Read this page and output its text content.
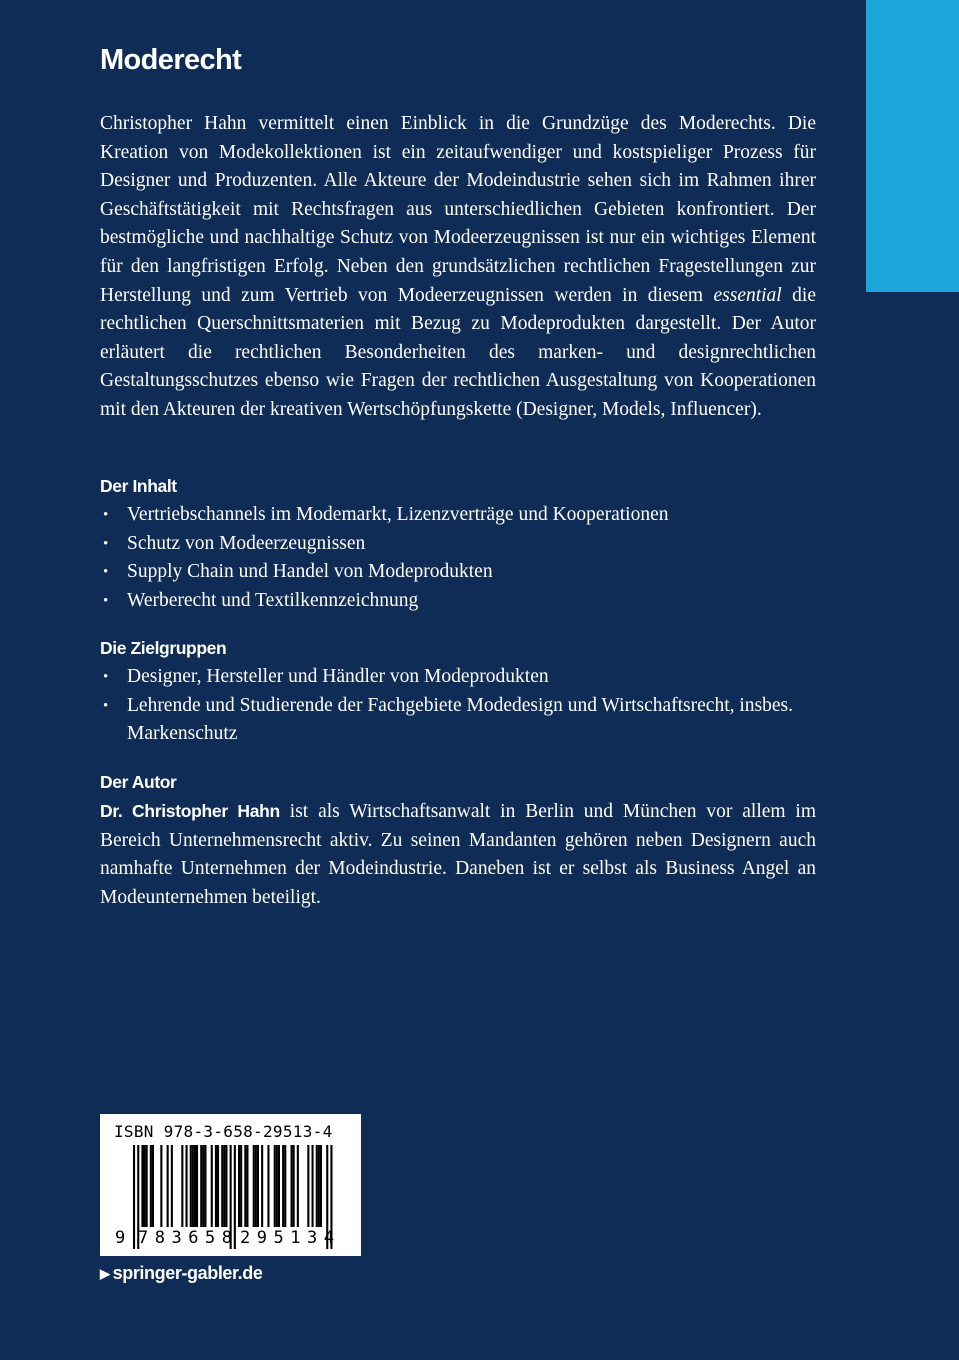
Moderecht

Christopher Hahn vermittelt einen Einblick in die Grundzüge des Moderechts. Die Kreation von Modekollektionen ist ein zeitaufwendiger und kostspieliger Prozess für Designer und Produzenten. Alle Akteure der Modeindustrie sehen sich im Rahmen ihrer Geschäftstätigkeit mit Rechtsfragen aus unterschiedlichen Gebieten konfrontiert. Der bestmögliche und nachhaltige Schutz von Modeerzeugnissen ist nur ein wichtiges Element für den langfristigen Erfolg. Neben den grundsätzlichen rechtlichen Fragestellungen zur Herstellung und zum Vertrieb von Modeerzeugnissen werden in diesem essential die rechtlichen Querschnittsmaterien mit Bezug zu Modeprodukten dargestellt. Der Autor erläutert die rechtlichen Besonderheiten des marken- und designrechtlichen Gestaltungsschutzes ebenso wie Fragen der rechtlichen Ausgestaltung von Kooperationen mit den Akteuren der kreativen Wertschöpfungskette (Designer, Models, Influencer).

Der Inhalt
• Vertriebschannels im Modemarkt, Lizenzverträge und Kooperationen
• Schutz von Modeerzeugnissen
• Supply Chain und Handel von Modeprodukten
• Werberecht und Textilkennzeichnung
Die Zielgruppen
• Designer, Hersteller und Händler von Modeprodukten
• Lehrende und Studierende der Fachgebiete Modedesign und Wirtschaftsrecht, insbes. Markenschutz
Der Autor

Dr. Christopher Hahn ist als Wirtschaftsanwalt in Berlin und München vor allem im Bereich Unternehmensrecht aktiv. Zu seinen Mandanten gehören neben Designern auch namhafte Unternehmen der Modeindustrie. Daneben ist er selbst als Business Angel an Modeunternehmen beteiligt.

ISBN 978-3-658-29513-4
9 783658 295134
▶ springer-gabler.de
